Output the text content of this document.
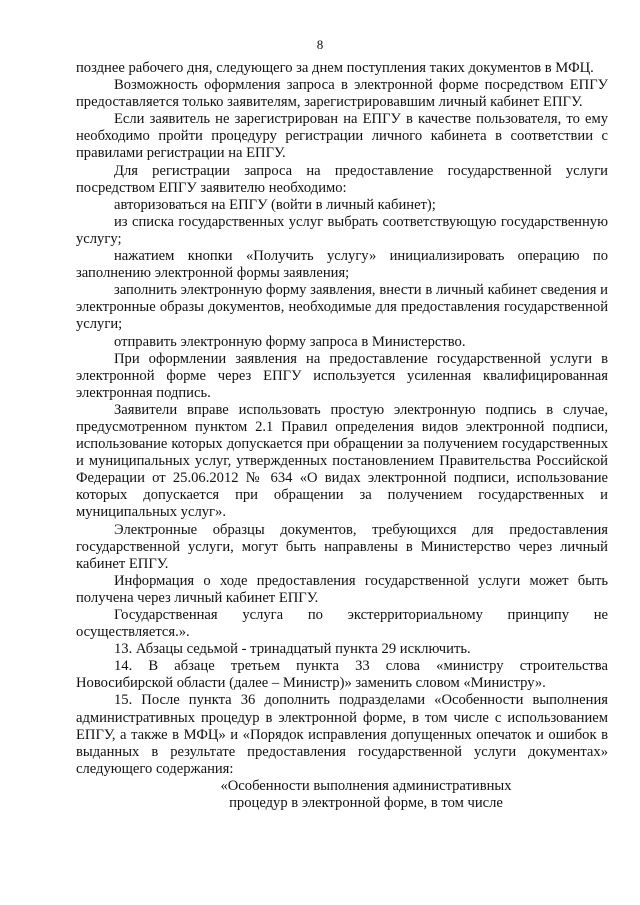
8

позднее рабочего дня, следующего за днем поступления таких документов в МФЦ.

Возможность оформления запроса в электронной форме посредством ЕПГУ предоставляется только заявителям, зарегистрировавшим личный кабинет ЕПГУ.

Если заявитель не зарегистрирован на ЕПГУ в качестве пользователя, то ему необходимо пройти процедуру регистрации личного кабинета в соответствии с правилами регистрации на ЕПГУ.

Для регистрации запроса на предоставление государственной услуги посредством ЕПГУ заявителю необходимо:

авторизоваться на ЕПГУ (войти в личный кабинет);

из списка государственных услуг выбрать соответствующую государственную услугу;

нажатием кнопки «Получить услугу» инициализировать операцию по заполнению электронной формы заявления;

заполнить электронную форму заявления, внести в личный кабинет сведения и электронные образы документов, необходимые для предоставления государственной услуги;

отправить электронную форму запроса в Министерство.

При оформлении заявления на предоставление государственной услуги в электронной форме через ЕПГУ используется усиленная квалифицированная электронная подпись.

Заявители вправе использовать простую электронную подпись в случае, предусмотренном пунктом 2.1 Правил определения видов электронной подписи, использование которых допускается при обращении за получением государственных и муниципальных услуг, утвержденных постановлением Правительства Российской Федерации от 25.06.2012 № 634 «О видах электронной подписи, использование которых допускается при обращении за получением государственных и муниципальных услуг».

Электронные образцы документов, требующихся для предоставления государственной услуги, могут быть направлены в Министерство через личный кабинет ЕПГУ.

Информация о ходе предоставления государственной услуги может быть получена через личный кабинет ЕПГУ.

Государственная услуга по экстерриториальному принципу не осуществляется.».

13. Абзацы седьмой - тринадцатый пункта 29 исключить.

14. В абзаце третьем пункта 33 слова «министру строительства Новосибирской области (далее – Министр)» заменить словом «Министру».

15. После пункта 36 дополнить подразделами «Особенности выполнения административных процедур в электронной форме, в том числе с использованием ЕПГУ, а также в МФЦ» и «Порядок исправления допущенных опечаток и ошибок в выданных в результате предоставления государственной услуги документах» следующего содержания:

«Особенности выполнения административных

процедур в электронной форме, в том числе
